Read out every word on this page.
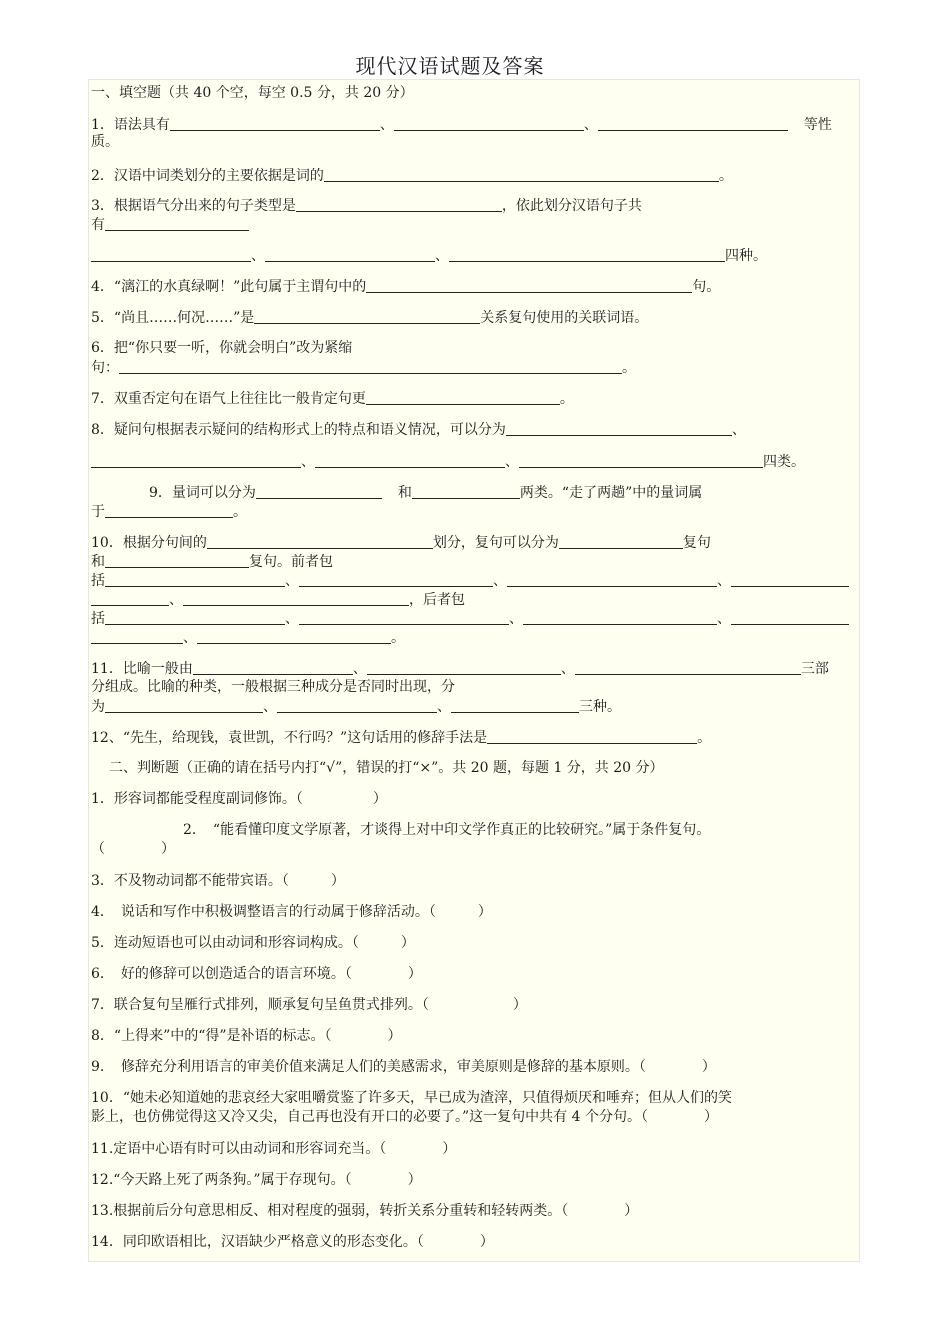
现代汉语试题及答案
一、填空题（共 40 个空，每空 0.5 分，共 20 分）
1．语法具有	、	、	等性
质。
2．汉语中词类划分的主要依据是词的	。
3．根据语气分出来的句子类型是	，依此划分汉语句子共
有
、	、	四种。
4．“漓江的水真绿啊！”此句属于主谓句中的	句。
5．“尚且……何况……”是	关系复句使用的关联词语。
6．把“你只要一听，你就会明白”改为紧缩
句：	。
7．双重否定句在语气上往往比一般肯定句更	。
8．疑问句根据表示疑问的结构形式上的特点和语义情况，可以分为	、
、	、	四类。
9．量词可以分为	和	两类。“走了两趟”中的量词属
于	。
10．根据分句间的	划分，复句可以分为	复句
和	复句。前者包
括	、	、	、
、	，后者包
括	、	、	、
、	。
11．比喻一般由	、	、	三部
分组成。比喻的种类，一般根据三种成分是否同时出现，分
为	、	、	三种。
12、“先生，给现钱，袁世凯，不行吗？”这句话用的修辞手法是	。
二、判断题（正确的请在括号内打“√”，错误的打“×”。共 20 题，每题 1 分，共 20 分）
1．形容词都能受程度副词修饰。（　　　　　）
2．　“能看懂印度文学原著，才谈得上对中印文学作真正的比较研究。”属于条件复句。
（　　　　）
3．不及物动词都不能带宾语。（　　　）
4．　说话和写作中积极调整语言的行动属于修辞活动。（　　　）
5．连动短语也可以由动词和形容词构成。（　　　）
6．　好的修辞可以创造适合的语言环境。（　　　　）
7．联合复句呈雁行式排列，顺承复句呈鱼贯式排列。（　　　　　　）
8．“上得来”中的“得”是补语的标志。（　　　　）
9．　修辞充分利用语言的审美价值来满足人们的美感需求，审美原则是修辞的基本原则。（　　　　）
10．“她未必知道她的悲哀经大家咀嚼赏鉴了许多天，早已成为渣滓，只值得烦厌和唾弃；但从人们的笑
影上，也仿佛觉得这又冷又尖，自己再也没有开口的必要了。”这一复句中共有 4 个分句。（　　　　）
11.定语中心语有时可以由动词和形容词充当。（　　　　）
12.“今天路上死了两条狗。”属于存现句。（　　　　）
13.根据前后分句意思相反、相对程度的强弱，转折关系分重转和轻转两类。（　　　　）
14．同印欧语相比，汉语缺少严格意义的形态变化。（　　　　）
